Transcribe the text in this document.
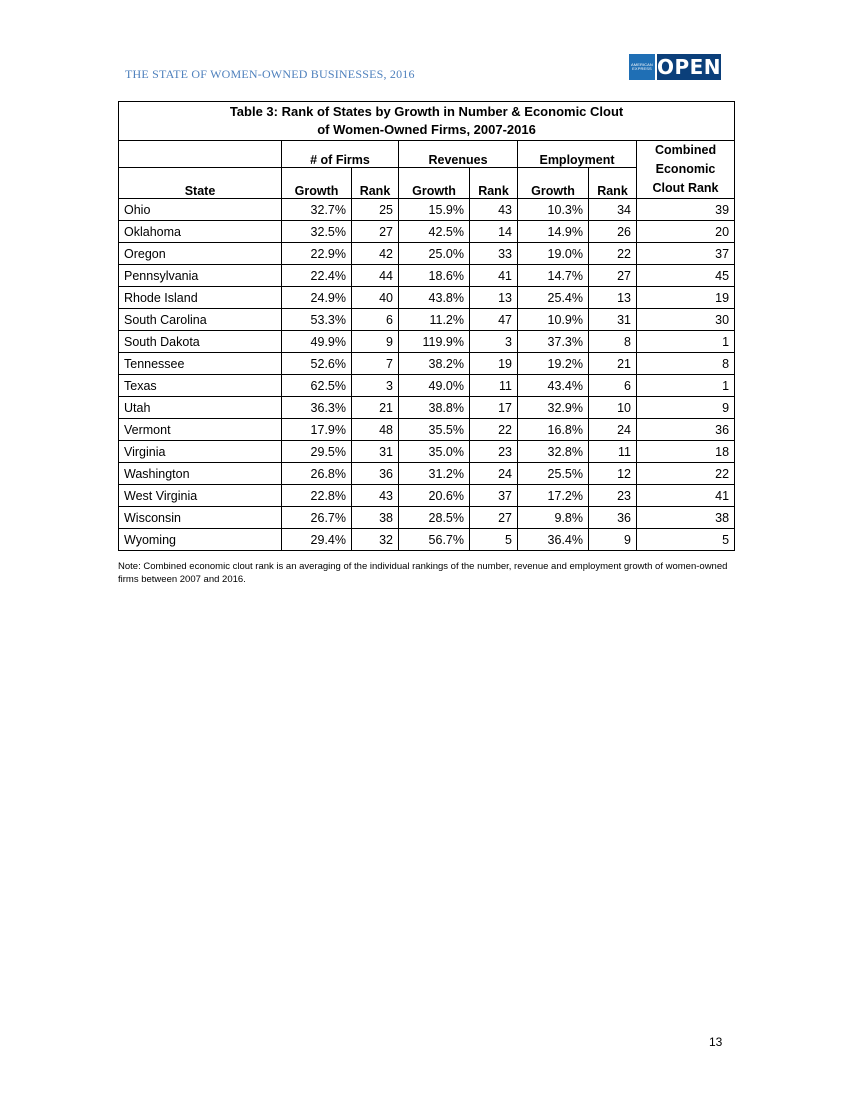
THE STATE OF WOMEN-OWNED BUSINESSES, 2016
AMERICAN
EXPRESS OPEN
Table 3: Rank of States by Growth in Number & Economic Clout
of Women-Owned Firms, 2007-2016							

	# of Firms		Revenues		Employment		Combined
Economic
Clout Rank

State	Growth	Rank	Growth	Rank	Growth	Rank	
Ohio	32.7%	25	15.9%	43	10.3%	34	39
Oklahoma	32.5%	27	42.5%	14	14.9%	26	20
Oregon	22.9%	42	25.0%	33	19.0%	22	37
Pennsylvania	22.4%	44	18.6%	41	14.7%	27	45
Rhode Island	24.9%	40	43.8%	13	25.4%	13	19
South Carolina	53.3%	6	11.2%	47	10.9%	31	30
South Dakota	49.9%	9	119.9%	3	37.3%	8	1
Tennessee	52.6%	7	38.2%	19	19.2%	21	8
Texas	62.5%	3	49.0%	11	43.4%	6	1
Utah	36.3%	21	38.8%	17	32.9%	10	9
Vermont	17.9%	48	35.5%	22	16.8%	24	36
Virginia	29.5%	31	35.0%	23	32.8%	11	18
Washington	26.8%	36	31.2%	24	25.5%	12	22
West Virginia	22.8%	43	20.6%	37	17.2%	23	41
Wisconsin	26.7%	38	28.5%	27	9.8%	36	38
Wyoming	29.4%	32	56.7%	5	36.4%	9	5
Note: Combined economic clout rank is an averaging of the individual rankings of the number, revenue and employment growth of women-owned firms between 2007 and 2016.
13
